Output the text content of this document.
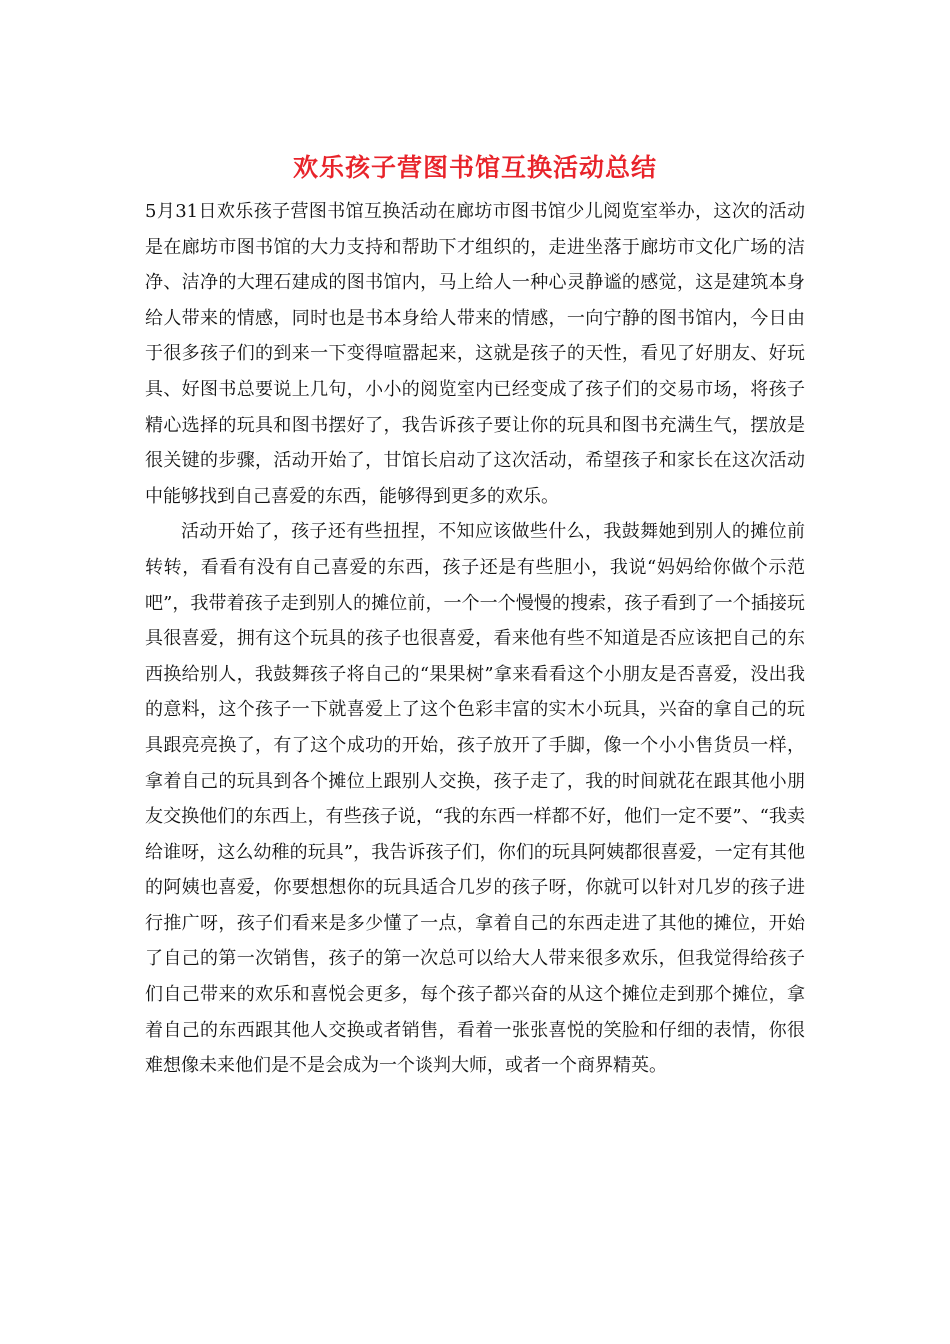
欢乐孩子营图书馆互换活动总结

5月31日欢乐孩子营图书馆互换活动在廊坊市图书馆少儿阅览室举办，这次的活动是在廊坊市图书馆的大力支持和帮助下才组织的，走进坐落于廊坊市文化广场的洁净、洁净的大理石建成的图书馆内，马上给人一种心灵静谧的感觉，这是建筑本身给人带来的情感，同时也是书本身给人带来的情感，一向宁静的图书馆内，今日由于很多孩子们的到来一下变得喧嚣起来，这就是孩子的天性，看见了好朋友、好玩具、好图书总要说上几句，小小的阅览室内已经变成了孩子们的交易市场，将孩子精心选择的玩具和图书摆好了，我告诉孩子要让你的玩具和图书充满生气，摆放是很关键的步骤，活动开始了，甘馆长启动了这次活动，希望孩子和家长在这次活动中能够找到自己喜爱的东西，能够得到更多的欢乐。

活动开始了，孩子还有些扭捏，不知应该做些什么，我鼓舞她到别人的摊位前转转，看看有没有自己喜爱的东西，孩子还是有些胆小，我说“妈妈给你做个示范吧”，我带着孩子走到别人的摊位前，一个一个慢慢的搜索，孩子看到了一个插接玩具很喜爱，拥有这个玩具的孩子也很喜爱，看来他有些不知道是否应该把自己的东西换给别人，我鼓舞孩子将自己的“果果树”拿来看看这个小朋友是否喜爱，没出我的意料，这个孩子一下就喜爱上了这个色彩丰富的实木小玩具，兴奋的拿自己的玩具跟亮亮换了，有了这个成功的开始，孩子放开了手脚，像一个小小售货员一样，拿着自己的玩具到各个摊位上跟别人交换，孩子走了，我的时间就花在跟其他小朋友交换他们的东西上，有些孩子说，“我的东西一样都不好，他们一定不要”、“我卖给谁呀，这么幼稚的玩具”，我告诉孩子们，你们的玩具阿姨都很喜爱，一定有其他的阿姨也喜爱，你要想想你的玩具适合几岁的孩子呀，你就可以针对几岁的孩子进行推广呀，孩子们看来是多少懂了一点，拿着自己的东西走进了其他的摊位，开始了自己的第一次销售，孩子的第一次总可以给大人带来很多欢乐，但我觉得给孩子们自己带来的欢乐和喜悦会更多，每个孩子都兴奋的从这个摊位走到那个摊位，拿着自己的东西跟其他人交换或者销售，看着一张张喜悦的笑脸和仔细的表情，你很难想像未来他们是不是会成为一个谈判大师，或者一个商界精英。
